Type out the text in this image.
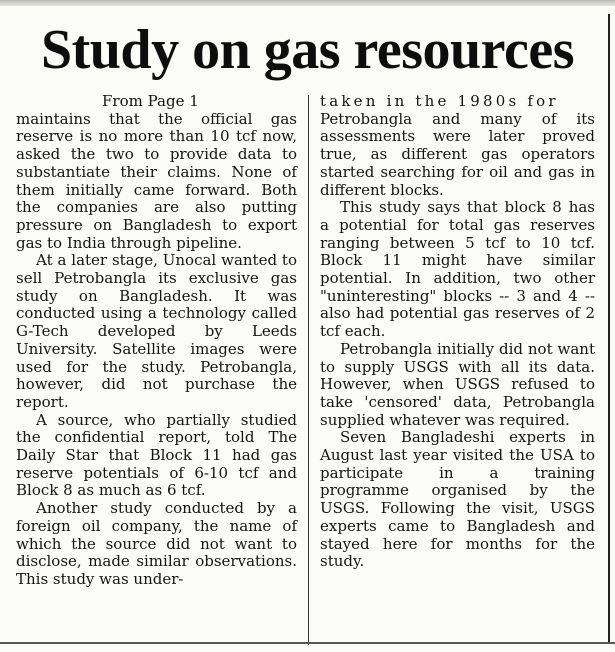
Study on gas resources

From Page 1

maintains that the official gas reserve is no more than 10 tcf now, asked the two to provide data to substantiate their claims. None of them initially came forward. Both the companies are also putting pressure on Bangladesh to export gas to India through pipeline.

At a later stage, Unocal wanted to sell Petrobangla its exclusive gas study on Bangladesh. It was conducted using a technology called G-Tech developed by Leeds University. Satellite images were used for the study. Petrobangla, however, did not purchase the report.

A source, who partially studied the confidential report, told The Daily Star that Block 11 had gas reserve potentials of 6-10 tcf and Block 8 as much as 6 tcf.

Another study conducted by a foreign oil company, the name of which the source did not want to disclose, made similar observations. This study was under-

taken in the 1980s for

Petrobangla and many of its assessments were later proved true, as different gas operators started searching for oil and gas in different blocks.

This study says that block 8 has a potential for total gas reserves ranging between 5 tcf to 10 tcf. Block 11 might have similar potential. In addition, two other "uninteresting" blocks -- 3 and 4 -- also had potential gas reserves of 2 tcf each.

Petrobangla initially did not want to supply USGS with all its data. However, when USGS refused to take 'censored' data, Petrobangla supplied whatever was required.

Seven Bangladeshi experts in August last year visited the USA to participate in a training programme organised by the USGS. Following the visit, USGS experts came to Bangladesh and stayed here for months for the study.
